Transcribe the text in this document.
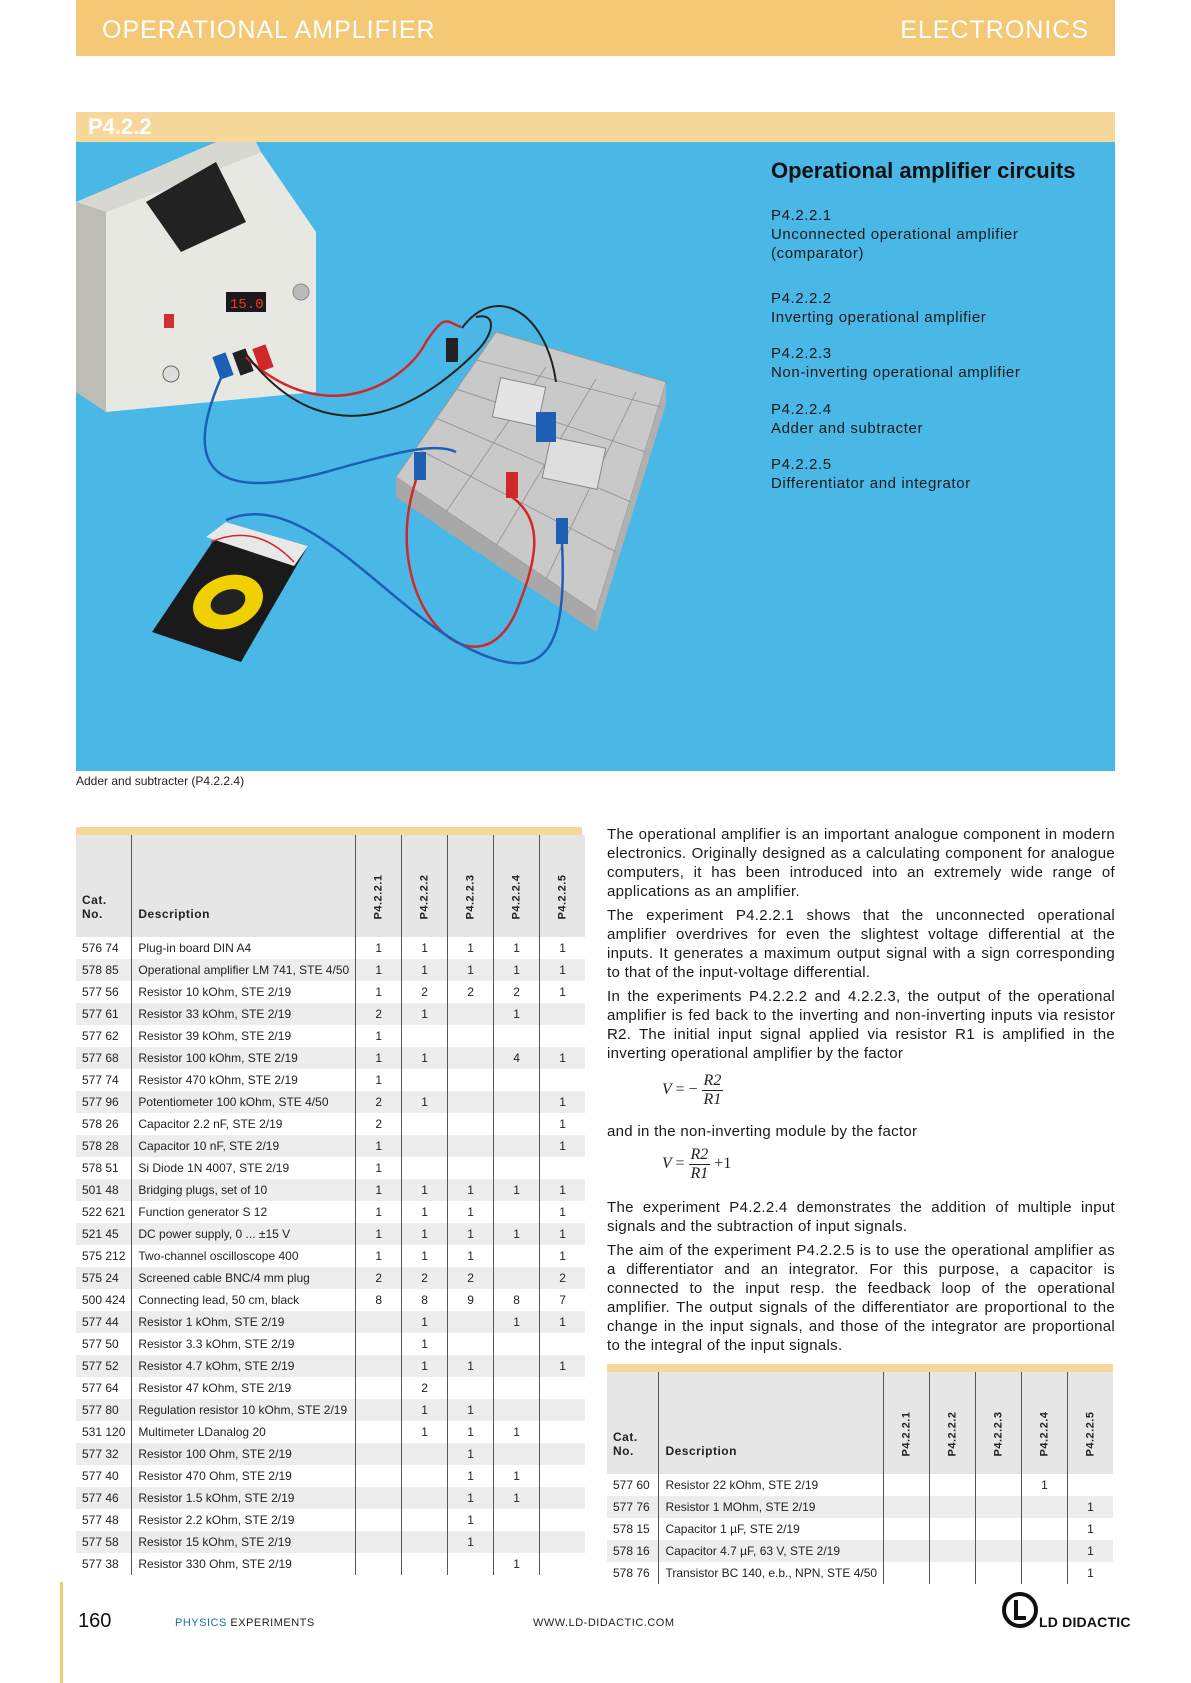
OPERATIONAL AMPLIFIER	ELECTRONICS
P4.2.2
15.0
Operational amplifier circuits
P4.2.2.1
Unconnected operational amplifier (comparator)
P4.2.2.2
Inverting operational amplifier
P4.2.2.3
Non-inverting operational amplifier
P4.2.2.4
Adder and subtracter
P4.2.2.5
Differentiator and integrator
Adder and subtracter (P4.2.2.4)
Cat. No.	Description	P4.2.2.1	P4.2.2.2	P4.2.2.3	P4.2.2.4	P4.2.2.5
576 74	Plug-in board DIN A4	1	1	1	1	1
578 85	Operational amplifier LM 741, STE 4/50	1	1	1	1	1
577 56	Resistor 10 kOhm, STE 2/19	1	2	2	2	1
577 61	Resistor 33 kOhm, STE 2/19	2	1		1	
577 62	Resistor 39 kOhm, STE 2/19	1				
577 68	Resistor 100 kOhm, STE 2/19	1	1		4	1
577 74	Resistor 470 kOhm, STE 2/19	1				
577 96	Potentiometer 100 kOhm, STE 4/50	2	1			1
578 26	Capacitor 2.2 nF, STE 2/19	2				1
578 28	Capacitor 10 nF, STE 2/19	1				1
578 51	Si Diode 1N 4007, STE 2/19	1				
501 48	Bridging plugs, set of 10	1	1	1	1	1
522 621	Function generator S 12	1	1	1		1
521 45	DC power supply, 0 ... ±15 V	1	1	1	1	1
575 212	Two-channel oscilloscope 400	1	1	1		1
575 24	Screened cable BNC/4 mm plug	2	2	2		2
500 424	Connecting lead, 50 cm, black	8	8	9	8	7
577 44	Resistor 1 kOhm, STE 2/19		1		1	1
577 50	Resistor 3.3 kOhm, STE 2/19		1			
577 52	Resistor 4.7 kOhm, STE 2/19		1	1		1
577 64	Resistor 47 kOhm, STE 2/19		2			
577 80	Regulation resistor 10 kOhm, STE 2/19		1	1		
531 120	Multimeter LDanalog 20		1	1	1	
577 32	Resistor 100 Ohm, STE 2/19			1		
577 40	Resistor 470 Ohm, STE 2/19			1	1	
577 46	Resistor 1.5 kOhm, STE 2/19			1	1	
577 48	Resistor 2.2 kOhm, STE 2/19			1		
577 58	Resistor 15 kOhm, STE 2/19			1		
577 38	Resistor 330 Ohm, STE 2/19				1	

The operational amplifier is an important analogue component in modern electronics. Originally designed as a calculating component for analogue computers, it has been introduced into an extremely wide range of applications as an amplifier.

The experiment P4.2.2.1 shows that the unconnected operational amplifier overdrives for even the slightest voltage differential at the inputs. It generates a maximum output signal with a sign corresponding to that of the input-voltage differential.

In the experiments P4.2.2.2 and 4.2.2.3, the output of the operational amplifier is fed back to the inverting and non-inverting inputs via resistor R2. The initial input signal applied via resistor R1 is amplified in the inverting operational amplifier by the factor

V = − $\frac{R2}{R1}$

and in the non-inverting module by the factor

$V = \frac{R2}{R1} +1$

The experiment P4.2.2.4 demonstrates the addition of multiple input signals and the subtraction of input signals.

The aim of the experiment P4.2.2.5 is to use the operational amplifier as a differentiator and an integrator. For this purpose, a capacitor is connected to the input resp. the feedback loop of the operational amplifier. The output signals of the differentiator are proportional to the change in the input signals, and those of the integrator are proportional to the integral of the input signals.

Cat. No.	Description	P4.2.2.1	P4.2.2.2	P4.2.2.3	P4.2.2.4	P4.2.2.5
577 60	Resistor 22 kOhm, STE 2/19				1	
577 76	Resistor 1 MOhm, STE 2/19					1
578 15	Capacitor 1 µF, STE 2/19					1
578 16	Capacitor 4.7 µF, 63 V, STE 2/19					1
578 76	Transistor BC 140, e.b., NPN, STE 4/50					1
160	PHYSICS EXPERIMENTS	WWW.LD-DIDACTIC.COM	LD DIDACTIC
